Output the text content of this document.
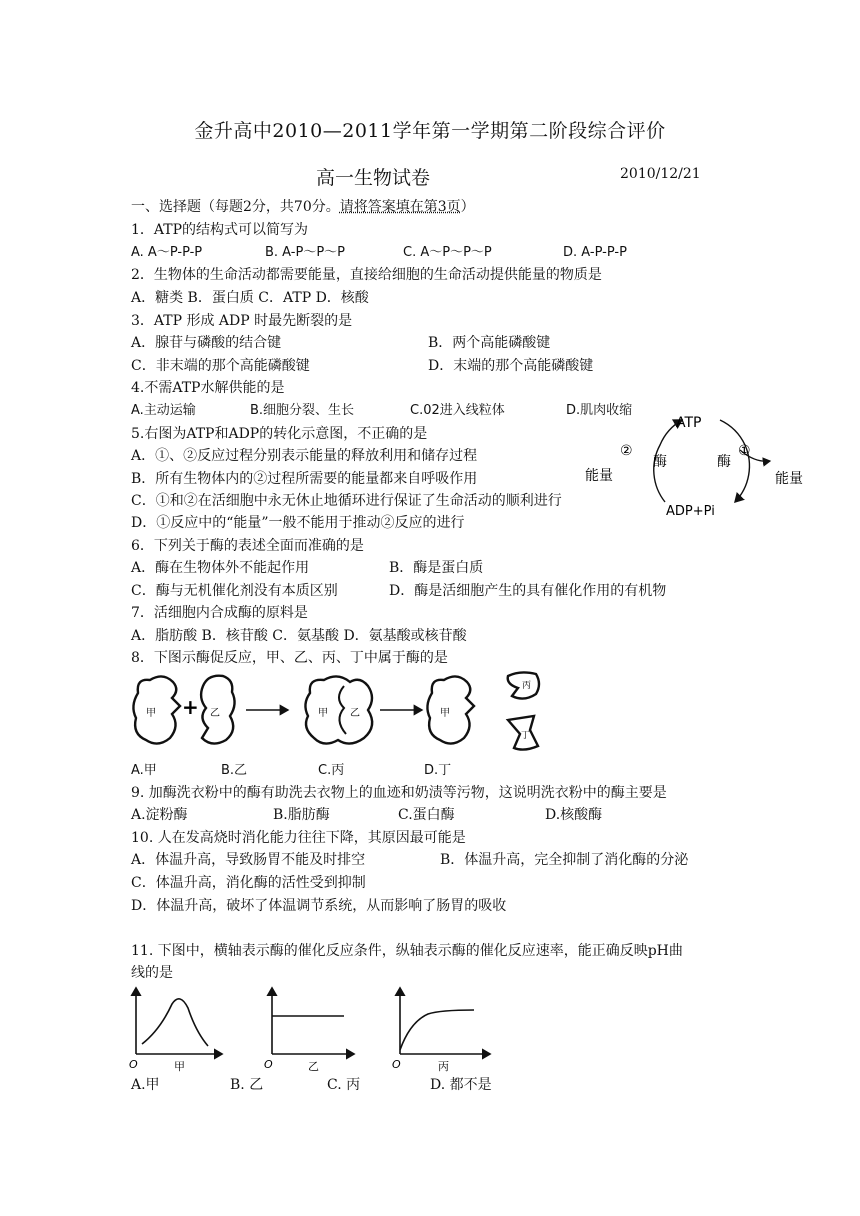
金升高中2010—2011学年第一学期第二阶段综合评价
高一生物试卷	2010/12/21
一、选择题（每题2分，共70分。请将答案填在第3页）
1．ATP的结构式可以简写为
A. A～P-P-P	B. A-P～P～P	C. A～P～P～P	D. A-P-P-P
2．生物体的生命活动都需要能量，直接给细胞的生命活动提供能量的物质是
A．糖类 B．蛋白质 C．ATP D．核酸
3．ATP 形成 ADP 时最先断裂的是
A．腺苷与磷酸的结合键	B．两个高能磷酸键
C．非末端的那个高能磷酸键	D．末端的那个高能磷酸键
4.不需ATP水解供能的是
A.主动运输	B.细胞分裂、生长	C.02进入线粒体	D.肌肉收缩
5.右图为ATP和ADP的转化示意图，不正确的是
A．①、②反应过程分别表示能量的释放利用和储存过程
B．所有生物体内的②过程所需要的能量都来自呼吸作用
C．①和②在活细胞中永无休止地循环进行保证了生命活动的顺利进行
D．①反应中的“能量”一般不能用于推动②反应的进行
ATP
ADP+Pi
酶	酶
能量	能量
②	①
6．下列关于酶的表述全面而准确的是
A．酶在生物体外不能起作用	B．酶是蛋白质
C．酶与无机催化剂没有本质区别	D．酶是活细胞产生的具有催化作用的有机物
7．活细胞内合成酶的原料是
A．脂肪酸 B．核苷酸 C．氨基酸 D．氨基酸或核苷酸
8．下图示酶促反应，甲、乙、丙、丁中属于酶的是
甲 + 乙	甲 乙	甲
丙
丁
A.甲	B.乙	C.丙	D.丁
9. 加酶洗衣粉中的酶有助洗去衣物上的血迹和奶渍等污物，这说明洗衣粉中的酶主要是
A.淀粉酶	B.脂肪酶	C.蛋白酶	D.核酸酶
10. 人在发高烧时消化能力往往下降，其原因最可能是
A．体温升高，导致肠胃不能及时排空	B．体温升高，完全抑制了消化酶的分泌
C．体温升高，消化酶的活性受到抑制
D．体温升高，破坏了体温调节系统，从而影响了肠胃的吸收
11. 下图中，横轴表示酶的催化反应条件，纵轴表示酶的催化反应速率，能正确反映pH曲
线的是
O	甲	O	乙	O	丙
A.甲	B. 乙	C. 丙	D. 都不是
